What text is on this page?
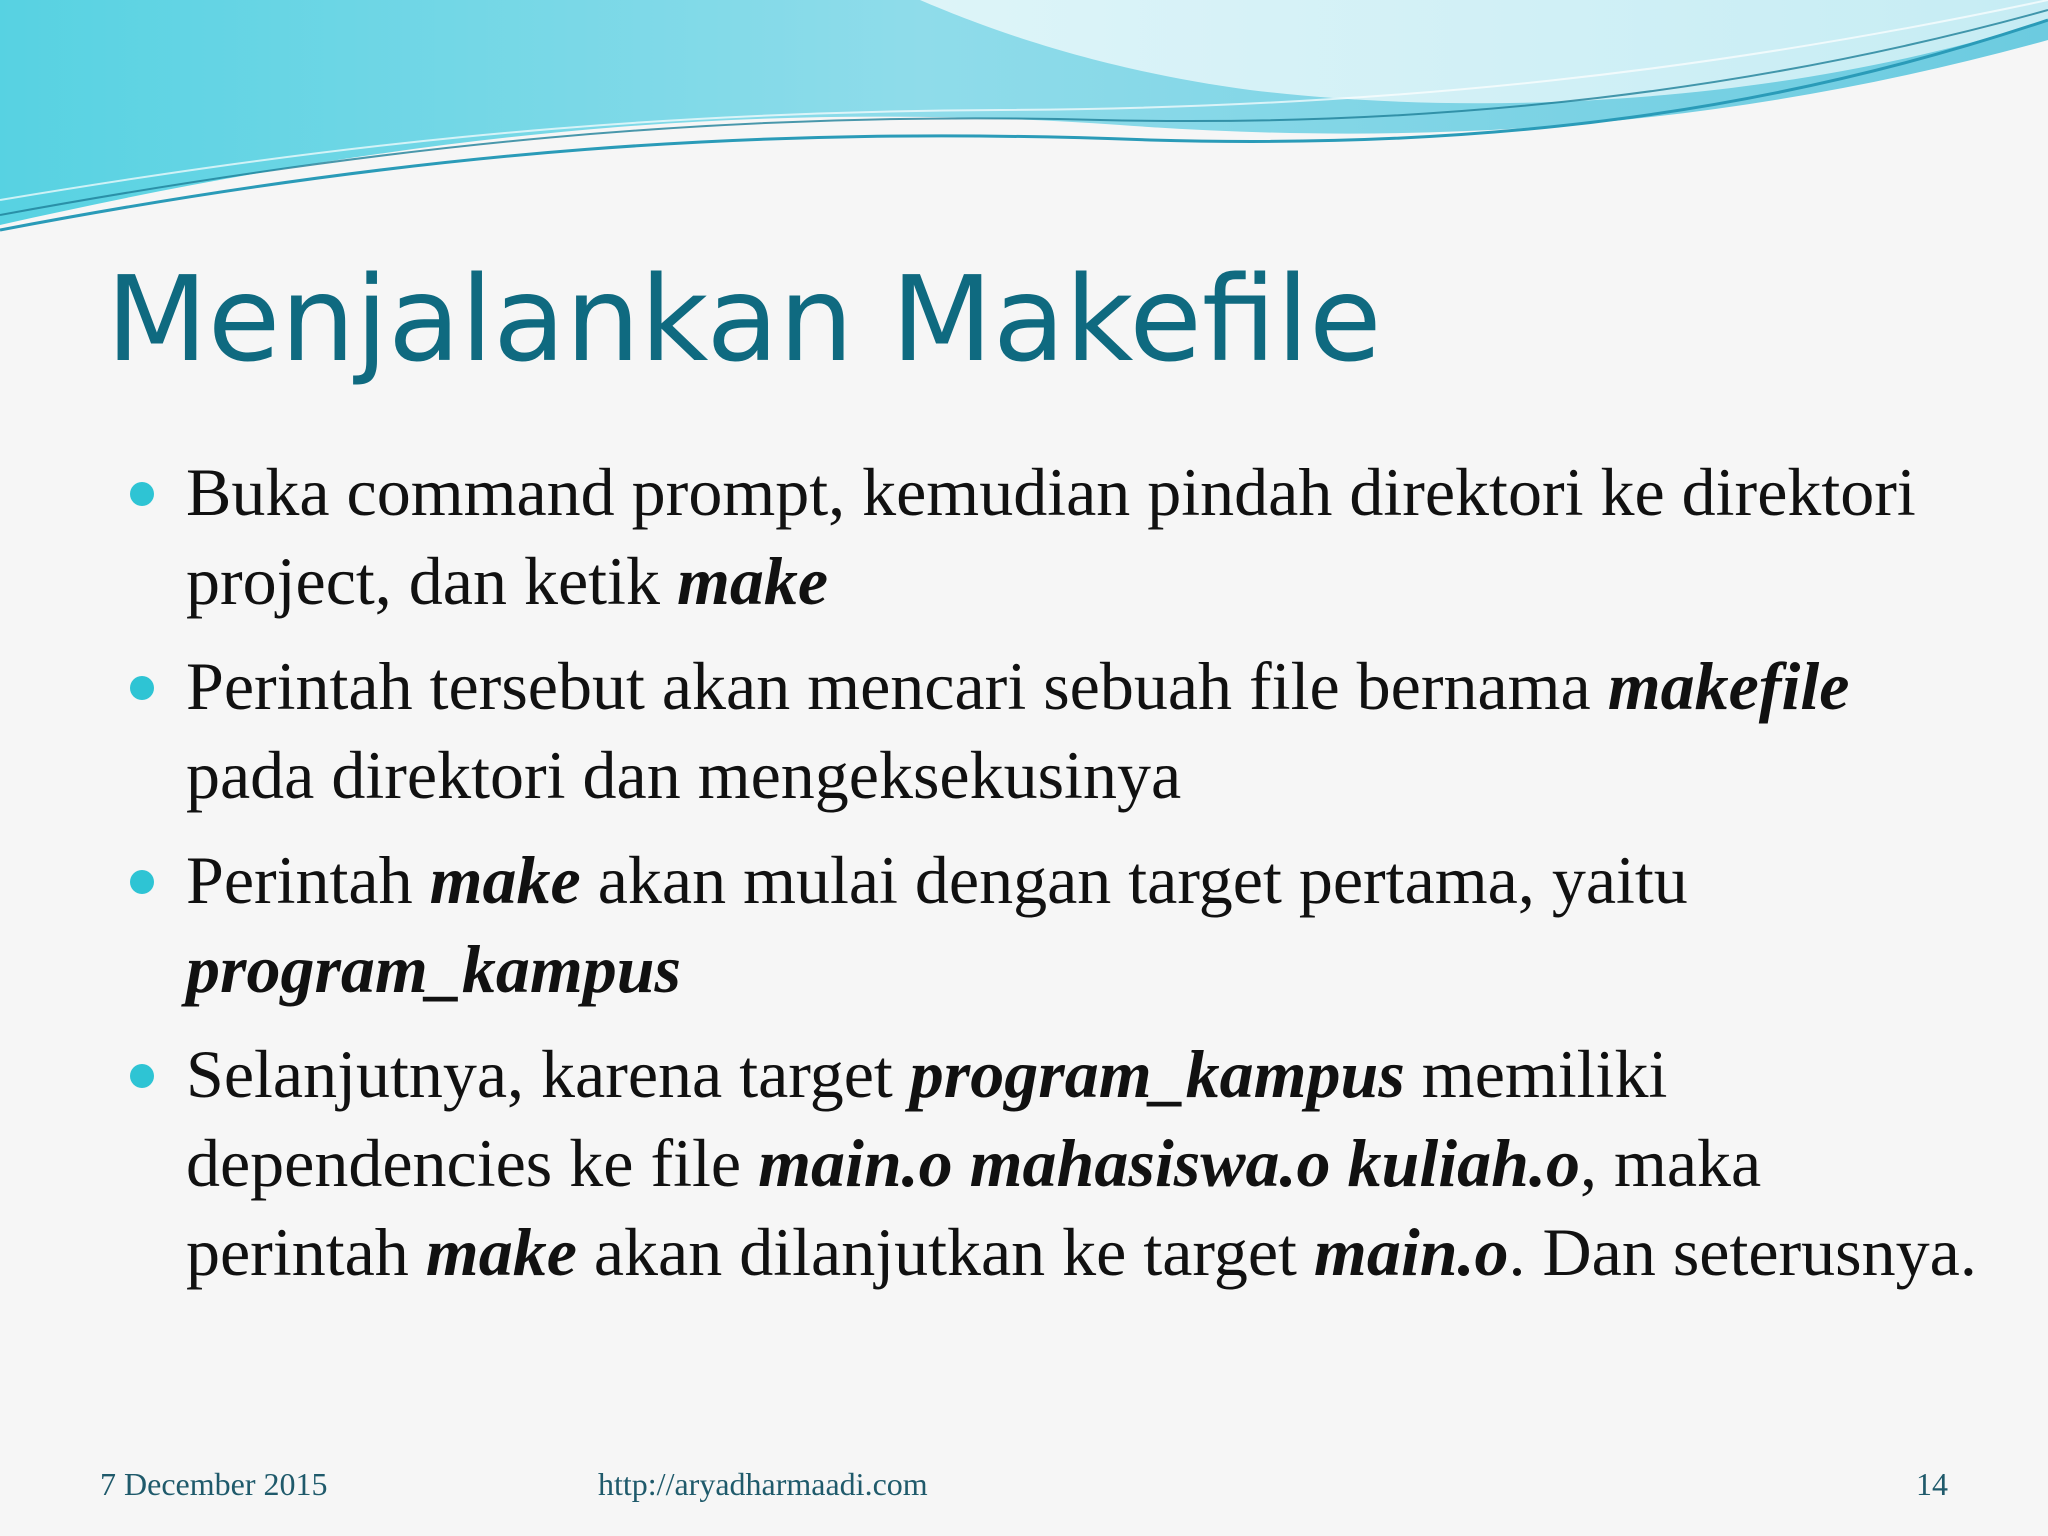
Menjalankan Makefile
Buka command prompt, kemudian pindah direktori ke direktori project, dan ketik make
Perintah tersebut akan mencari sebuah file bernama makefile pada direktori dan mengeksekusinya
Perintah make akan mulai dengan target pertama, yaitu program_kampus
Selanjutnya, karena target program_kampus memiliki dependencies ke file main.o mahasiswa.o kuliah.o, maka perintah make akan dilanjutkan ke target main.o. Dan seterusnya.
7 December 2015	http://aryadharmaadi.com	14
